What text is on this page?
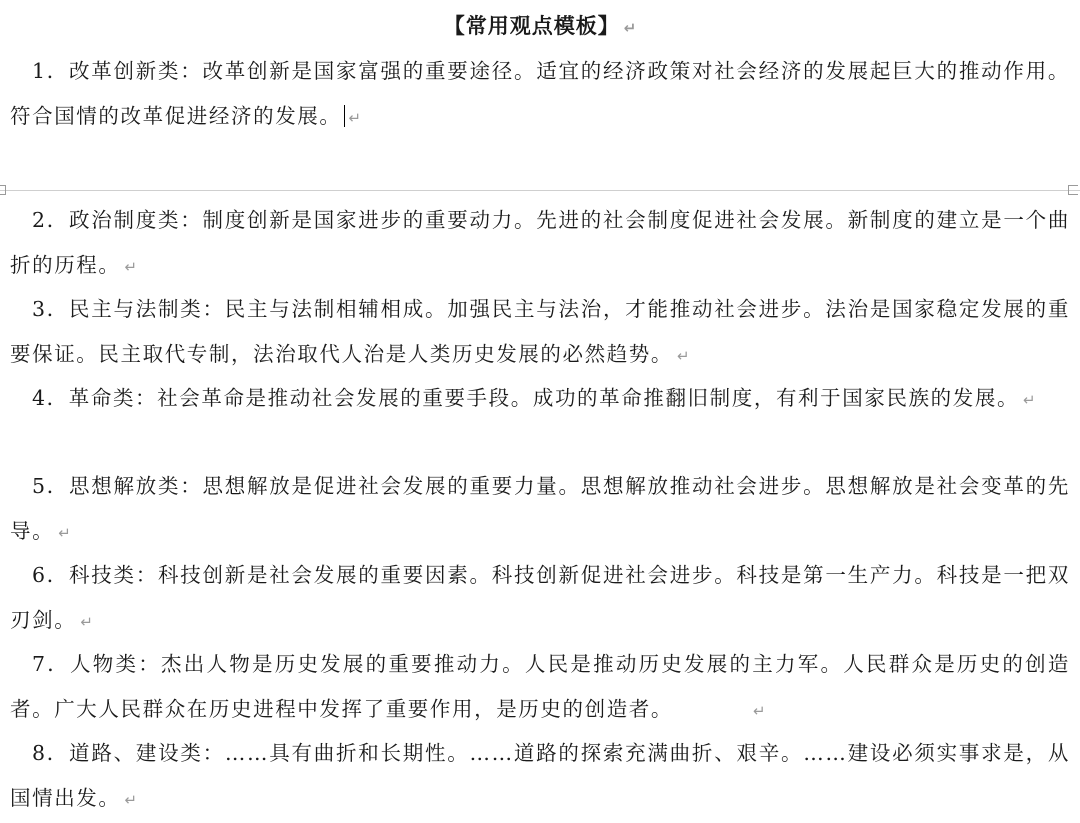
【常用观点模板】 ↵
1．改革创新类：改革创新是国家富强的重要途径。适宜的经济政策对社会经济的发展起巨大的推动作用。符合国情的改革促进经济的发展。 ↵
2．政治制度类：制度创新是国家进步的重要动力。先进的社会制度促进社会发展。新制度的建立是一个曲折的历程。 ↵
3．民主与法制类：民主与法制相辅相成。加强民主与法治，才能推动社会进步。法治是国家稳定发展的重要保证。民主取代专制，法治取代人治是人类历史发展的必然趋势。 ↵
4．革命类：社会革命是推动社会发展的重要手段。成功的革命推翻旧制度，有利于国家民族的发展。 ↵
5．思想解放类：思想解放是促进社会发展的重要力量。思想解放推动社会进步。思想解放是社会变革的先导。 ↵
6．科技类：科技创新是社会发展的重要因素。科技创新促进社会进步。科技是第一生产力。科技是一把双刃剑。 ↵
7．人物类：杰出人物是历史发展的重要推动力。人民是推动历史发展的主力军。人民群众是历史的创造者。广大人民群众在历史进程中发挥了重要作用，是历史的创造者。	↵
8．道路、建设类：……具有曲折和长期性。……道路的探索充满曲折、艰辛。……建设必须实事求是，从国情出发。 ↵
